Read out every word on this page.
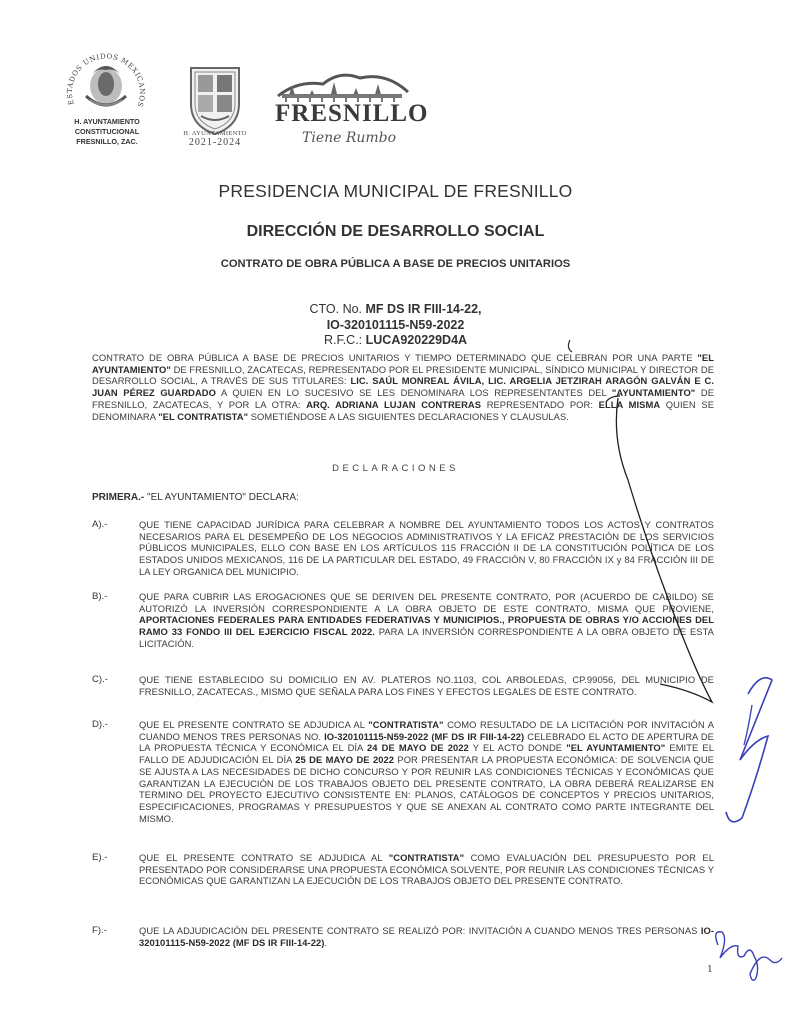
ESTADOS UNIDOS MEXICANOS
H. AYUNTAMIENTO
CONSTITUCIONAL
FRESNILLO, ZAC.
H. AYUNTAMIENTO
2021-2024
FRESNILLO
Tiene Rumbo
PRESIDENCIA MUNICIPAL DE FRESNILLO
DIRECCIÓN DE DESARROLLO SOCIAL
CONTRATO DE OBRA PÚBLICA A BASE DE PRECIOS UNITARIOS
CTO. No. MF DS IR FIII-14-22,
IO-320101115-N59-2022
R.F.C.: LUCA920229D4A
CONTRATO DE OBRA PÚBLICA A BASE DE PRECIOS UNITARIOS Y TIEMPO DETERMINADO QUE CELEBRAN POR UNA PARTE "EL AYUNTAMIENTO" DE FRESNILLO, ZACATECAS, REPRESENTADO POR EL PRESIDENTE MUNICIPAL, SÍNDICO MUNICIPAL Y DIRECTOR DE DESARROLLO SOCIAL, A TRAVÉS DE SUS TITULARES: LIC. SAÚL MONREAL ÁVILA, LIC. ARGELIA JETZIRAH ARAGÓN GALVÁN E C. JUAN PÉREZ GUARDADO A QUIEN EN LO SUCESIVO SE LES DENOMINARA LOS REPRESENTANTES DEL "AYUNTAMIENTO" DE FRESNILLO, ZACATECAS, Y POR LA OTRA: ARQ. ADRIANA LUJAN CONTRERAS REPRESENTADO POR: ELLA MISMA QUIEN SE DENOMINARA "EL CONTRATISTA" SOMETIÉNDOSE A LAS SIGUIENTES DECLARACIONES Y CLAUSULAS.
DECLARACIONES
PRIMERA.- "EL AYUNTAMIENTO" DECLARA:
A).-	QUE TIENE CAPACIDAD JURÍDICA PARA CELEBRAR A NOMBRE DEL AYUNTAMIENTO TODOS LOS ACTOS Y CONTRATOS NECESARIOS PARA EL DESEMPEÑO DE LOS NEGOCIOS ADMINISTRATIVOS Y LA EFICAZ PRESTACIÓN DE LOS SERVICIOS PÚBLICOS MUNICIPALES, ELLO CON BASE EN LOS ARTÍCULOS 115 FRACCIÓN II DE LA CONSTITUCIÓN POLÍTICA DE LOS ESTADOS UNIDOS MEXICANOS, 116 DE LA PARTICULAR DEL ESTADO, 49 FRACCIÓN V, 80 FRACCIÓN IX y 84 FRACCIÓN III DE LA LEY ORGANICA DEL MUNICIPIO.
B).-	QUE PARA CUBRIR LAS EROGACIONES QUE SE DERIVEN DEL PRESENTE CONTRATO, POR (ACUERDO DE CABILDO) SE AUTORIZÓ LA INVERSIÓN CORRESPONDIENTE A LA OBRA OBJETO DE ESTE CONTRATO, MISMA QUE PROVIENE, APORTACIONES FEDERALES PARA ENTIDADES FEDERATIVAS Y MUNICIPIOS., PROPUESTA DE OBRAS Y/O ACCIONES DEL RAMO 33 FONDO III DEL EJERCICIO FISCAL 2022. PARA LA INVERSIÓN CORRESPONDIENTE A LA OBRA OBJETO DE ESTA LICITACIÓN.
C).-	QUE TIENE ESTABLECIDO SU DOMICILIO EN AV. PLATEROS NO.1103, COL ARBOLEDAS, CP.99056, DEL MUNICIPIO DE FRESNILLO, ZACATECAS., MISMO QUE SEÑALA PARA LOS FINES Y EFECTOS LEGALES DE ESTE CONTRATO.
D).-	QUE EL PRESENTE CONTRATO SE ADJUDICA AL "CONTRATISTA" COMO RESULTADO DE LA LICITACIÓN POR INVITACIÓN A CUANDO MENOS TRES PERSONAS NO. IO-320101115-N59-2022 (MF DS IR FIII-14-22) CELEBRADO EL ACTO DE APERTURA DE LA PROPUESTA TÉCNICA Y ECONÓMICA EL DÍA 24 DE MAYO DE 2022 Y EL ACTO DONDE "EL AYUNTAMIENTO" EMITE EL FALLO DE ADJUDICACIÓN EL DÍA 25 DE MAYO DE 2022 POR PRESENTAR LA PROPUESTA ECONÓMICA: DE SOLVENCIA QUE SE AJUSTA A LAS NECESIDADES DE DICHO CONCURSO Y POR REUNIR LAS CONDICIONES TÉCNICAS Y ECONÓMICAS QUE GARANTIZAN LA EJECUCIÓN DE LOS TRABAJOS OBJETO DEL PRESENTE CONTRATO, LA OBRA DEBERÁ REALIZARSE EN TERMINO DEL PROYECTO EJECUTIVO CONSISTENTE EN: PLANOS, CATÁLOGOS DE CONCEPTOS Y PRECIOS UNITARIOS, ESPECIFICACIONES, PROGRAMAS Y PRESUPUESTOS Y QUE SE ANEXAN AL CONTRATO COMO PARTE INTEGRANTE DEL MISMO.
E).-	QUE EL PRESENTE CONTRATO SE ADJUDICA AL "CONTRATISTA" COMO EVALUACIÓN DEL PRESUPUESTO POR EL PRESENTADO POR CONSIDERARSE UNA PROPUESTA ECONÓMICA SOLVENTE, POR REUNIR LAS CONDICIONES TÉCNICAS Y ECONÓMICAS QUE GARANTIZAN LA EJECUCIÓN DE LOS TRABAJOS OBJETO DEL PRESENTE CONTRATO.
F).-	QUE LA ADJUDICACIÓN DEL PRESENTE CONTRATO SE REALIZÓ POR: INVITACIÓN A CUANDO MENOS TRES PERSONAS IO-320101115-N59-2022 (MF DS IR FIII-14-22).
1
